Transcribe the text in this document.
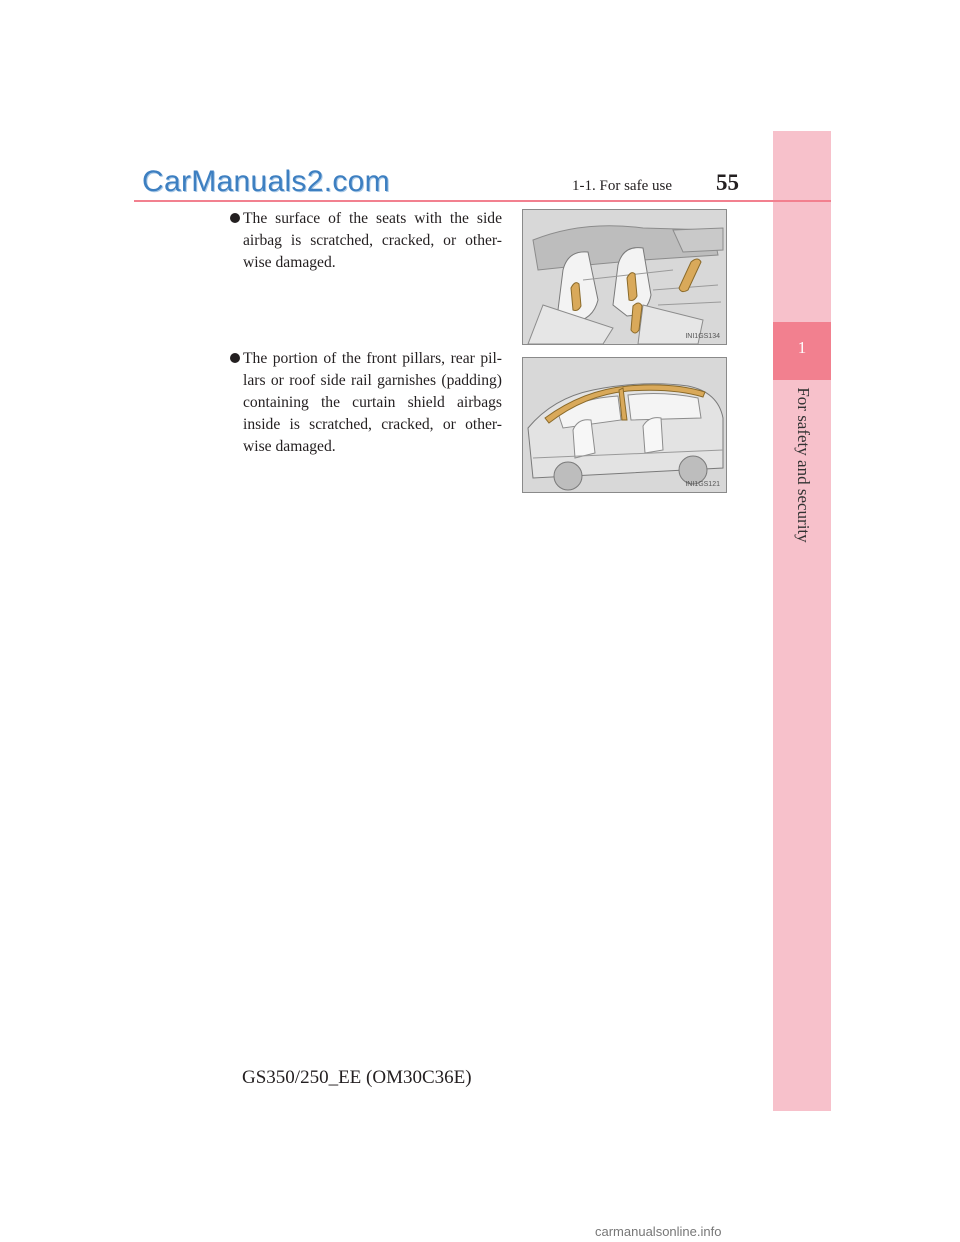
1
For safety and security
CarManuals2.com	1-1. For safe use 55
The surface of the seats with the side airbag is scratched, cracked, or other-wise damaged.
INI1GS134
The portion of the front pillars, rear pil-lars or roof side rail garnishes (padding) containing the curtain shield airbags inside is scratched, cracked, or other-wise damaged.
INI1GS121
GS350/250_EE (OM30C36E)
carmanualsonline.info
